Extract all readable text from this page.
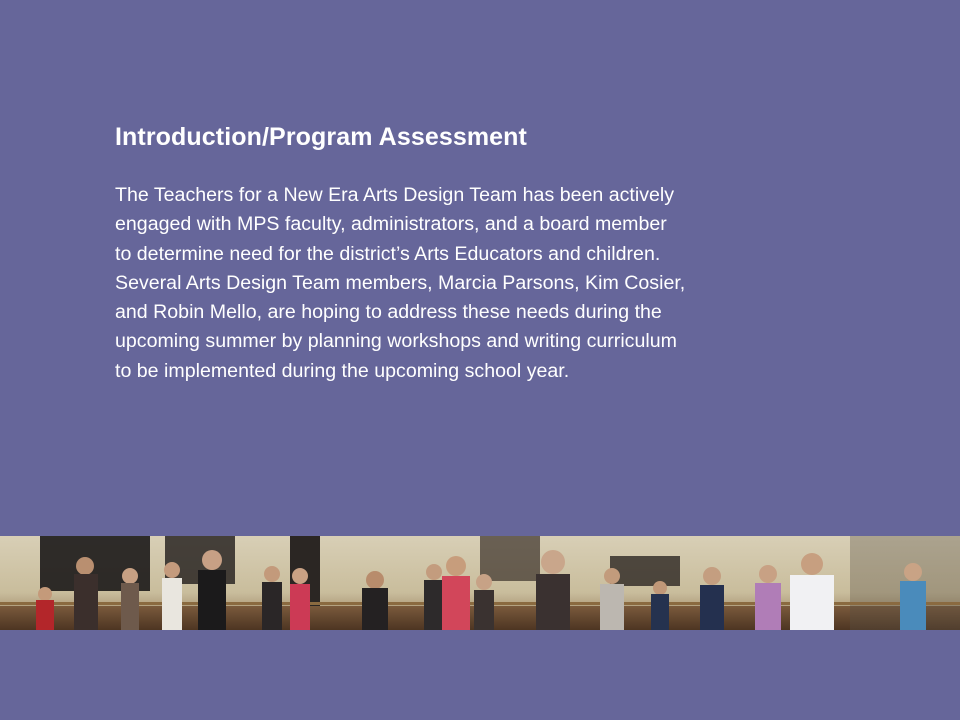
Introduction/Program Assessment
The Teachers for a New Era Arts Design Team has been actively
engaged with MPS faculty, administrators, and a board member
to determine need for the district’s Arts Educators and children.
Several Arts Design Team members, Marcia Parsons, Kim Cosier,
and Robin Mello, are hoping to address these needs during the
upcoming summer by planning workshops and writing curriculum
to be implemented during the upcoming school year.
